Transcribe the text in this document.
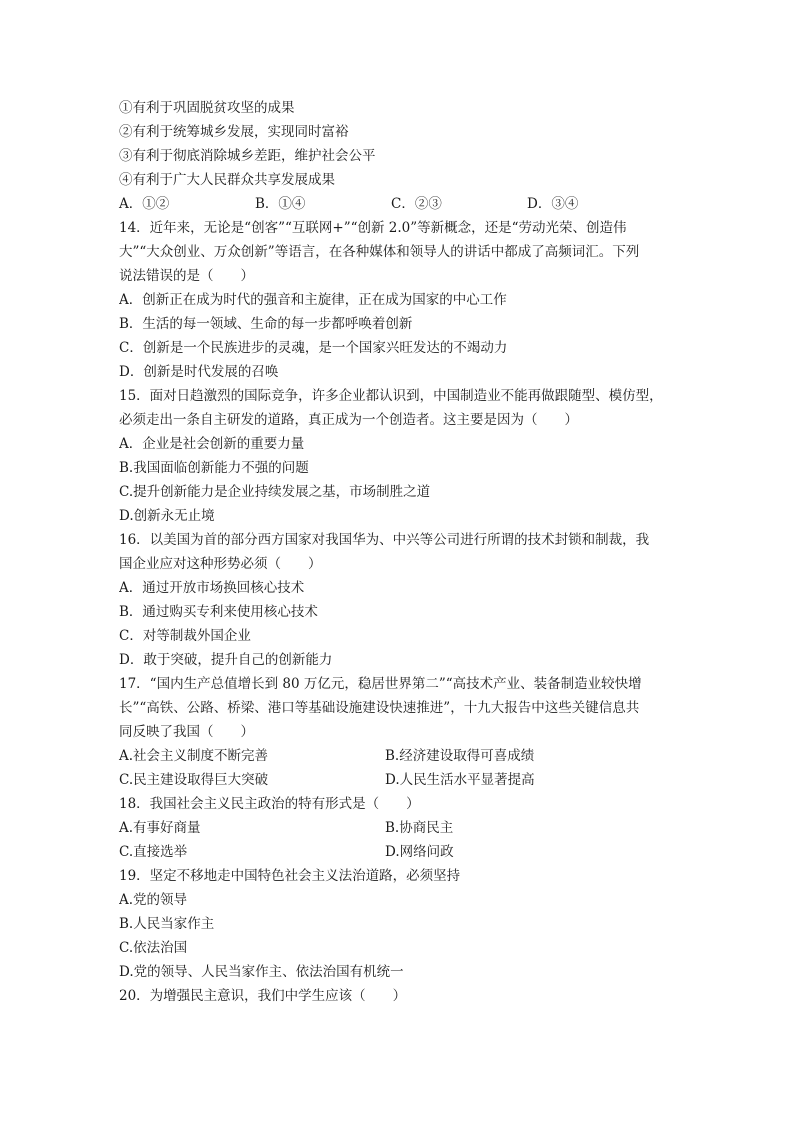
①有利于巩固脱贫攻坚的成果
②有利于统筹城乡发展，实现同时富裕
③有利于彻底消除城乡差距，维护社会公平
④有利于广大人民群众共享发展成果
A．①②	B．①④	C．②③	D．③④
14．近年来，无论是“创客”“互联网+”“创新 2.0”等新概念，还是“劳动光荣、创造伟
大”“大众创业、万众创新”等语言，在各种媒体和领导人的讲话中都成了高频词汇。下列
说法错误的是（　　）
A．创新正在成为时代的强音和主旋律，正在成为国家的中心工作
B．生活的每一领域、生命的每一步都呼唤着创新
C．创新是一个民族进步的灵魂，是一个国家兴旺发达的不竭动力
D．创新是时代发展的召唤
15．面对日趋激烈的国际竞争，许多企业都认识到，中国制造业不能再做跟随型、模仿型，
必须走出一条自主研发的道路，真正成为一个创造者。这主要是因为（　　）
A．企业是社会创新的重要力量
B.我国面临创新能力不强的问题
C.提升创新能力是企业持续发展之基，市场制胜之道
D.创新永无止境
16．以美国为首的部分西方国家对我国华为、中兴等公司进行所谓的技术封锁和制裁，我
国企业应对这种形势必须（　　）
A．通过开放市场换回核心技术
B．通过购买专利来使用核心技术
C．对等制裁外国企业
D．敢于突破，提升自己的创新能力
17．“国内生产总值增长到 80 万亿元，稳居世界第二”“高技术产业、装备制造业较快增
长”“高铁、公路、桥梁、港口等基础设施建设快速推进”，十九大报告中这些关键信息共
同反映了我国（　　）
A.社会主义制度不断完善	B.经济建设取得可喜成绩
C.民主建设取得巨大突破	D.人民生活水平显著提高
18．我国社会主义民主政治的特有形式是（　　）
A.有事好商量	B.协商民主
C.直接选举	D.网络问政
19．坚定不移地走中国特色社会主义法治道路，必须坚持
A.党的领导
B.人民当家作主
C.依法治国
D.党的领导、人民当家作主、依法治国有机统一
20．为增强民主意识，我们中学生应该（　　）
